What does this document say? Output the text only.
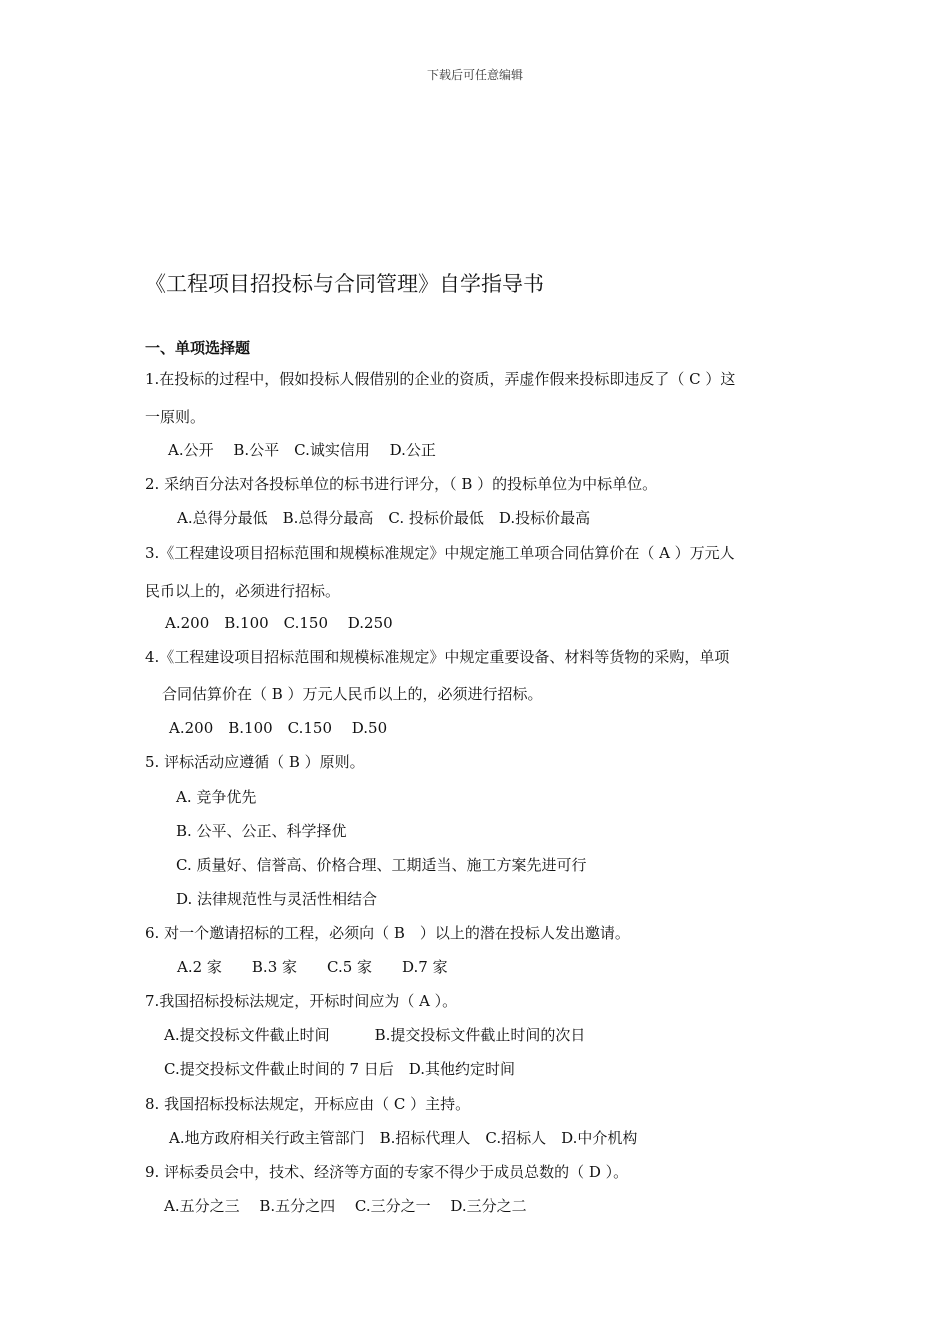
下载后可任意编辑
《工程项目招投标与合同管理》自学指导书
一、单项选择题
1.在投标的过程中，假如投标人假借别的企业的资质，弄虚作假来投标即违反了（ C ）这
一原则。
A.公开　 B.公平　C.诚实信用　 D.公正
2. 采纳百分法对各投标单位的标书进行评分，（ B ）的投标单位为中标单位。
A.总得分最低　B.总得分最高　C. 投标价最低　D.投标价最高
3.《工程建设项目招标范围和规模标准规定》中规定施工单项合同估算价在（ A ）万元人
民币以上的，必须进行招标。
A.200　B.100　C.150　 D.250
4.《工程建设项目招标范围和规模标准规定》中规定重要设备、材料等货物的采购，单项
合同估算价在（ B ）万元人民币以上的，必须进行招标。
A.200　B.100　C.150　 D.50
5. 评标活动应遵循（ B ）原则。
A. 竞争优先
B. 公平、公正、科学择优
C. 质量好、信誉高、价格合理、工期适当、施工方案先进可行
D. 法律规范性与灵活性相结合
6. 对一个邀请招标的工程，必须向（ B　）以上的潜在投标人发出邀请。
A.2 家　　B.3 家　　C.5 家　　D.7 家
7.我国招标投标法规定，开标时间应为（ A ）。
A.提交投标文件截止时间　　　B.提交投标文件截止时间的次日
C.提交投标文件截止时间的 7 日后　D.其他约定时间
8. 我国招标投标法规定，开标应由（ C ）主持。
A.地方政府相关行政主管部门　B.招标代理人　C.招标人　D.中介机构
9. 评标委员会中，技术、经济等方面的专家不得少于成员总数的（ D ）。
A.五分之三　 B.五分之四　 C.三分之一　 D.三分之二
